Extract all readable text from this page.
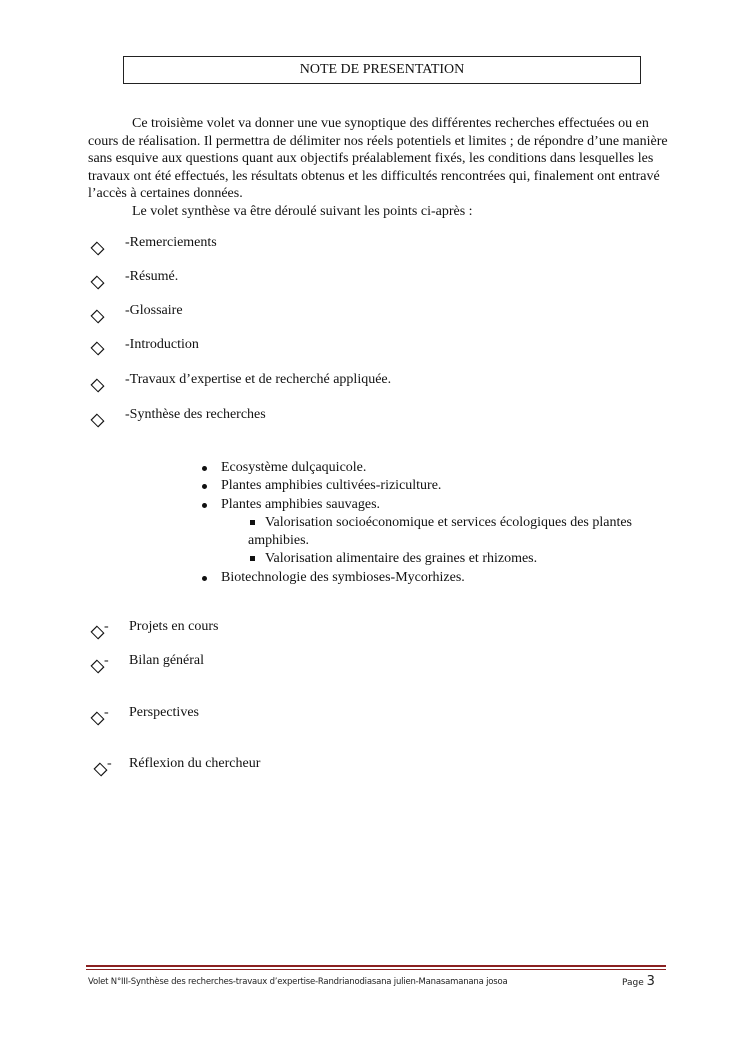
NOTE DE PRESENTATION

Ce troisième volet va donner une vue synoptique des différentes recherches effectuées ou en cours de réalisation. Il permettra de délimiter nos réels potentiels et limites ; de répondre d’une manière sans esquive aux questions quant aux objectifs préalablement fixés, les conditions dans lesquelles les travaux ont été effectués, les résultats obtenus et les difficultés rencontrées qui, finalement ont entravé l’accès à certaines données.

Le volet synthèse va être déroulé suivant les points ci-après :

-Remerciements
-Résumé.
-Glossaire
-Introduction
-Travaux d’expertise et de recherché appliquée.
-Synthèse des recherches
Ecosystème dulçaquicole.
Plantes amphibies cultivées-riziculture.
Plantes amphibies sauvages.
Valorisation socioéconomique et services écologiques des plantes
amphibies.
Valorisation alimentaire des graines et rhizomes.
Biotechnologie des symbioses-Mycorhizes.
- Projets en cours
- Bilan général
- Perspectives
- Réflexion du chercheur
Volet N°III-Synthèse des recherches-travaux d’expertise-Randrianodiasana julien-Manasamanana josoa	Page 3
